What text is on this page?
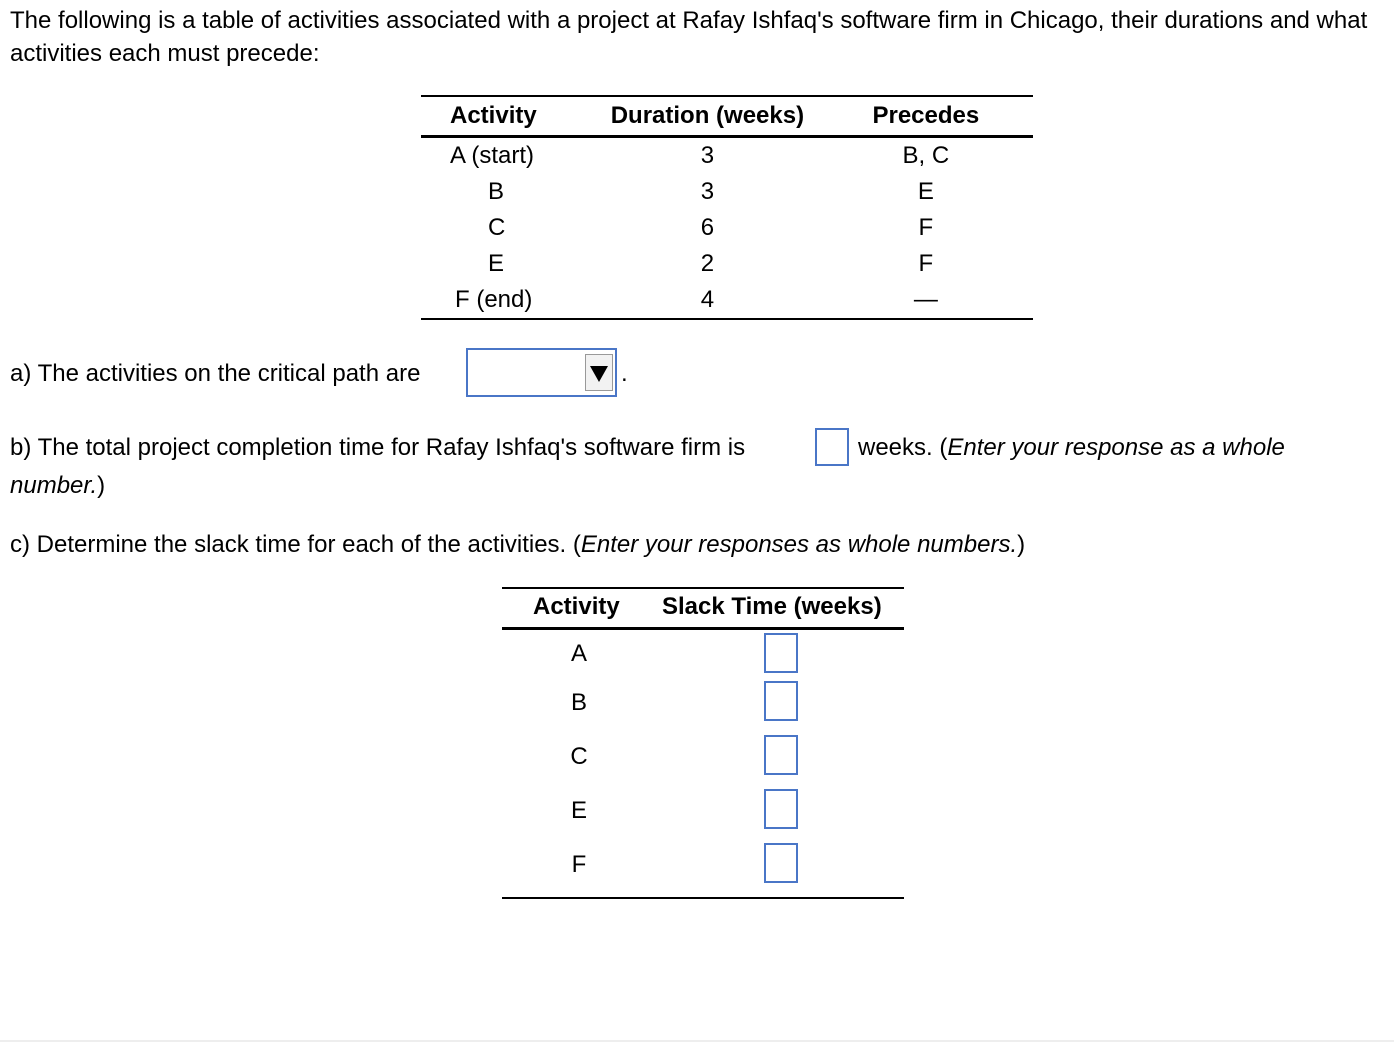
The following is a table of activities associated with a project at Rafay Ishfaq's software firm in Chicago, their durations and what activities each must precede:

Activity	Duration (weeks)	Precedes
A (start)	3	B, C
B	3	E
C	6	F
E	2	F
F (end)	4	—
a) The activities on the critical path are	.
b) The total project completion time for Rafay Ishfaq's software firm is	weeks. (Enter your response as a whole
number.)
c) Determine the slack time for each of the activities. (Enter your responses as whole numbers.)
Activity Slack Time (weeks)
A
B
C
E
F
